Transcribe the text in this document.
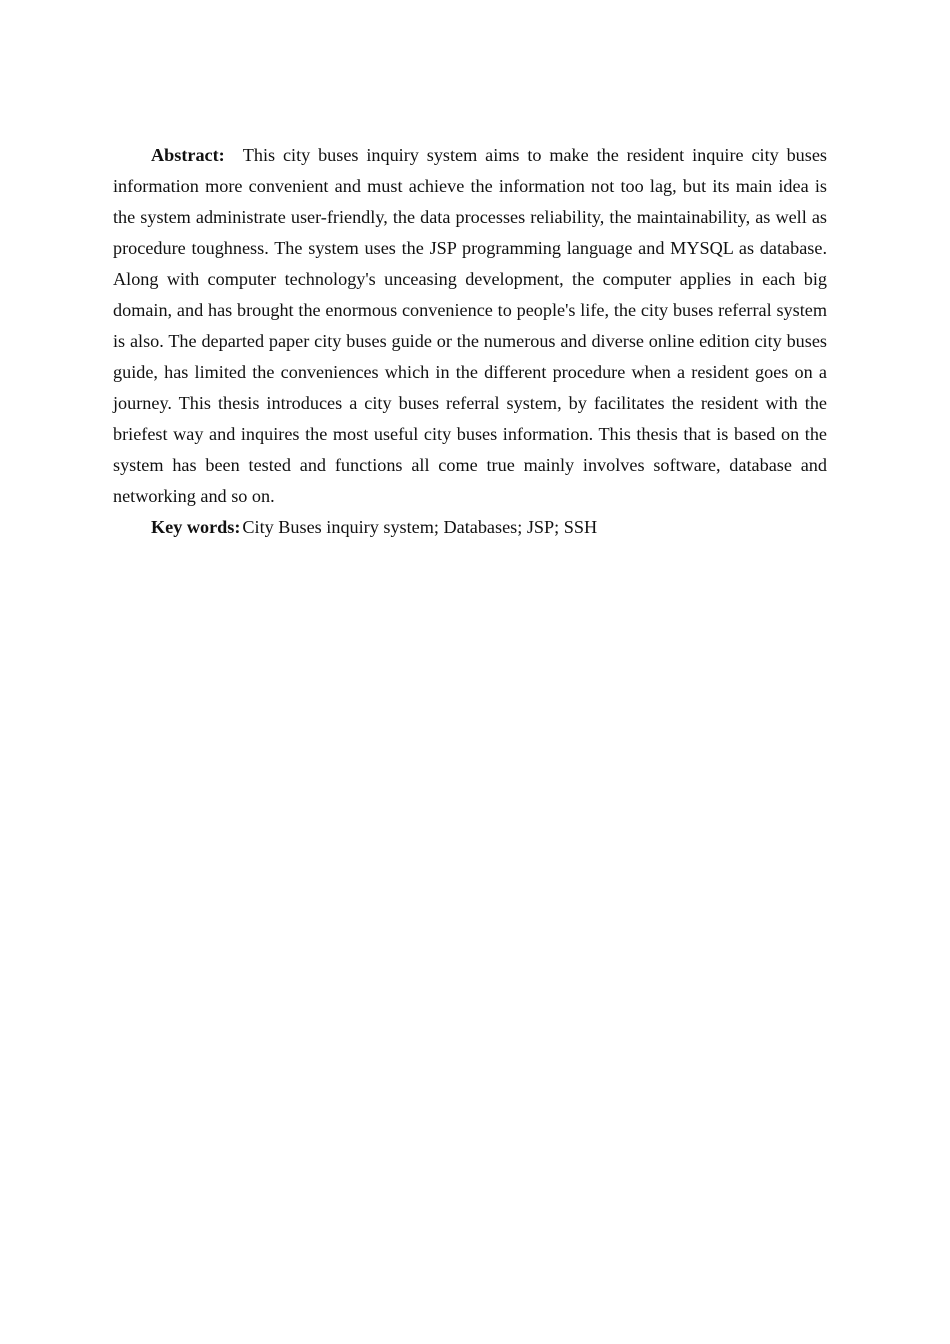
Abstract: This city buses inquiry system aims to make the resident inquire city buses information more convenient and must achieve the information not too lag, but its main idea is the system administrate user-friendly, the data processes reliability, the maintainability, as well as procedure toughness. The system uses the JSP programming language and MYSQL as database. Along with computer technology's unceasing development, the computer applies in each big domain, and has brought the enormous convenience to people's life, the city buses referral system is also. The departed paper city buses guide or the numerous and diverse online edition city buses guide, has limited the conveniences which in the different procedure when a resident goes on a journey. This thesis introduces a city buses referral system, by facilitates the resident with the briefest way and inquires the most useful city buses information. This thesis that is based on the system has been tested and functions all come true mainly involves software, database and networking and so on.

Key words: City Buses inquiry system; Databases; JSP; SSH
